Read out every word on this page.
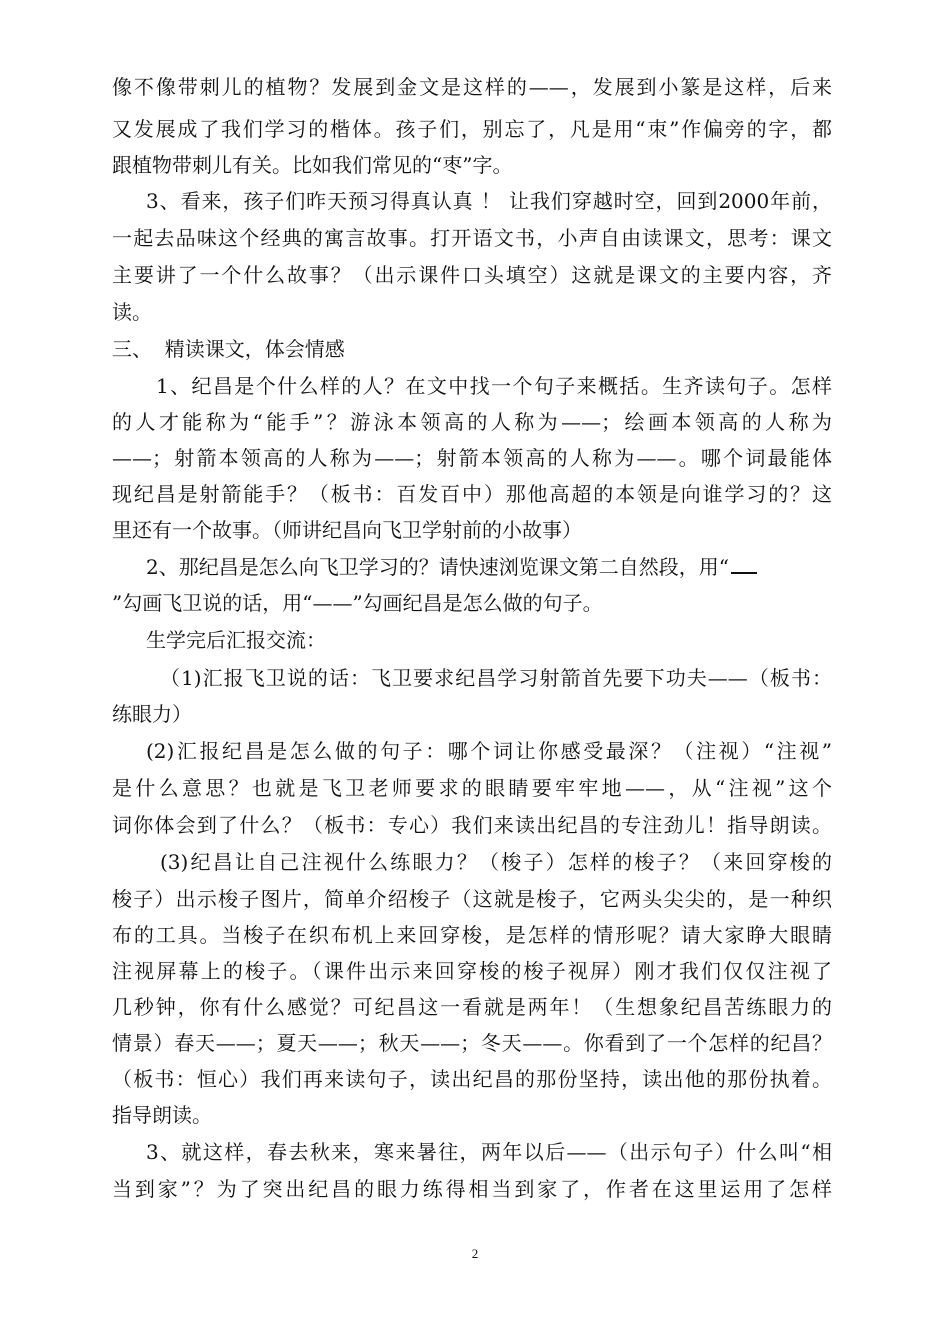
像不像带刺儿的植物？发展到金文是这样的——，发展到小篆是这样，后来
又发展成了我们学习的楷体。孩子们，别忘了，凡是用“朿”作偏旁的字，都
跟植物带刺儿有关。比如我们常见的“枣”字。
3、看来，孩子们昨天预习得真认真 ！ 让我们穿越时空，回到2000年前，
一起去品味这个经典的寓言故事。打开语文书，小声自由读课文，思考：课文
主要讲了一个什么故事？（出示课件口头填空）这就是课文的主要内容，齐
读。
三、  精读课文，体会情感
1、纪昌是个什么样的人？在文中找一个句子来概括。生齐读句子。怎样
的人才能称为“能手”？游泳本领高的人称为——；绘画本领高的人称为
——；射箭本领高的人称为——；射箭本领高的人称为——。哪个词最能体
现纪昌是射箭能手？（板书：百发百中）那他高超的本领是向谁学习的？这
里还有一个故事。（师讲纪昌向飞卫学射前的小故事）
2、那纪昌是怎么向飞卫学习的？请快速浏览课文第二自然段，用“
”勾画飞卫说的话，用“——”勾画纪昌是怎么做的句子。
生学完后汇报交流：
（1)汇报飞卫说的话：飞卫要求纪昌学习射箭首先要下功夫——（板书：
练眼力）
(2)汇报纪昌是怎么做的句子：哪个词让你感受最深？（注视）“注视”
是什么意思？也就是飞卫老师要求的眼睛要牢牢地——，从“注视”这个
词你体会到了什么？（板书：专心）我们来读出纪昌的专注劲儿！指导朗读。
(3)纪昌让自己注视什么练眼力？（梭子）怎样的梭子？（来回穿梭的
梭子）出示梭子图片，简单介绍梭子（这就是梭子，它两头尖尖的，是一种织
布的工具。当梭子在织布机上来回穿梭，是怎样的情形呢？请大家睁大眼睛
注视屏幕上的梭子。（课件出示来回穿梭的梭子视屏）刚才我们仅仅注视了
几秒钟，你有什么感觉？可纪昌这一看就是两年！（生想象纪昌苦练眼力的
情景）春天——；夏天——；秋天——；冬天——。你看到了一个怎样的纪昌？
（板书：恒心）我们再来读句子，读出纪昌的那份坚持，读出他的那份执着。
指导朗读。
3、就这样，春去秋来，寒来暑往，两年以后——（出示句子）什么叫“相
当到家”？为了突出纪昌的眼力练得相当到家了，作者在这里运用了怎样
2
